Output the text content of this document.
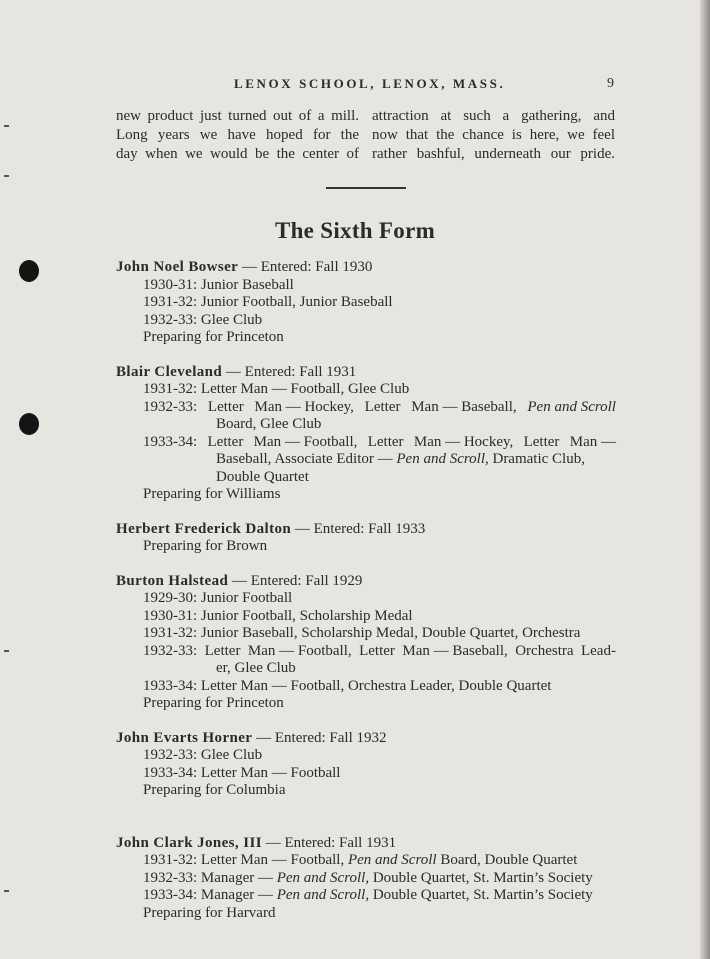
LENOX SCHOOL, LENOX, MASS.	9
new product just turned out of a mill.
Long years we have hoped for the
day when we would be the center of
attraction at such a gathering, and
now that the chance is here, we feel
rather bashful, underneath our pride.
The Sixth Form
John Noel Bowser — Entered: Fall 1930
1930-31: Junior Baseball
1931-32: Junior Football, Junior Baseball
1932-33: Glee Club
Preparing for Princeton
Blair Cleveland — Entered: Fall 1931
1931-32: Letter Man — Football, Glee Club
1932-33: Letter Man — Hockey, Letter Man — Baseball, Pen and Scroll
Board, Glee Club
1933-34: Letter Man — Football, Letter Man — Hockey, Letter Man —
Baseball, Associate Editor — Pen and Scroll, Dramatic Club,
Double Quartet
Preparing for Williams
Herbert Frederick Dalton — Entered: Fall 1933
Preparing for Brown
Burton Halstead — Entered: Fall 1929
1929-30: Junior Football
1930-31: Junior Football, Scholarship Medal
1931-32: Junior Baseball, Scholarship Medal, Double Quartet, Orchestra
1932-33: Letter Man — Football, Letter Man — Baseball, Orchestra Lead-
er, Glee Club
1933-34: Letter Man — Football, Orchestra Leader, Double Quartet
Preparing for Princeton
John Evarts Horner — Entered: Fall 1932
1932-33: Glee Club
1933-34: Letter Man — Football
Preparing for Columbia
John Clark Jones, III — Entered: Fall 1931
1931-32: Letter Man — Football, Pen and Scroll Board, Double Quartet
1932-33: Manager — Pen and Scroll, Double Quartet, St. Martin’s Society
1933-34: Manager — Pen and Scroll, Double Quartet, St. Martin’s Society
Preparing for Harvard
